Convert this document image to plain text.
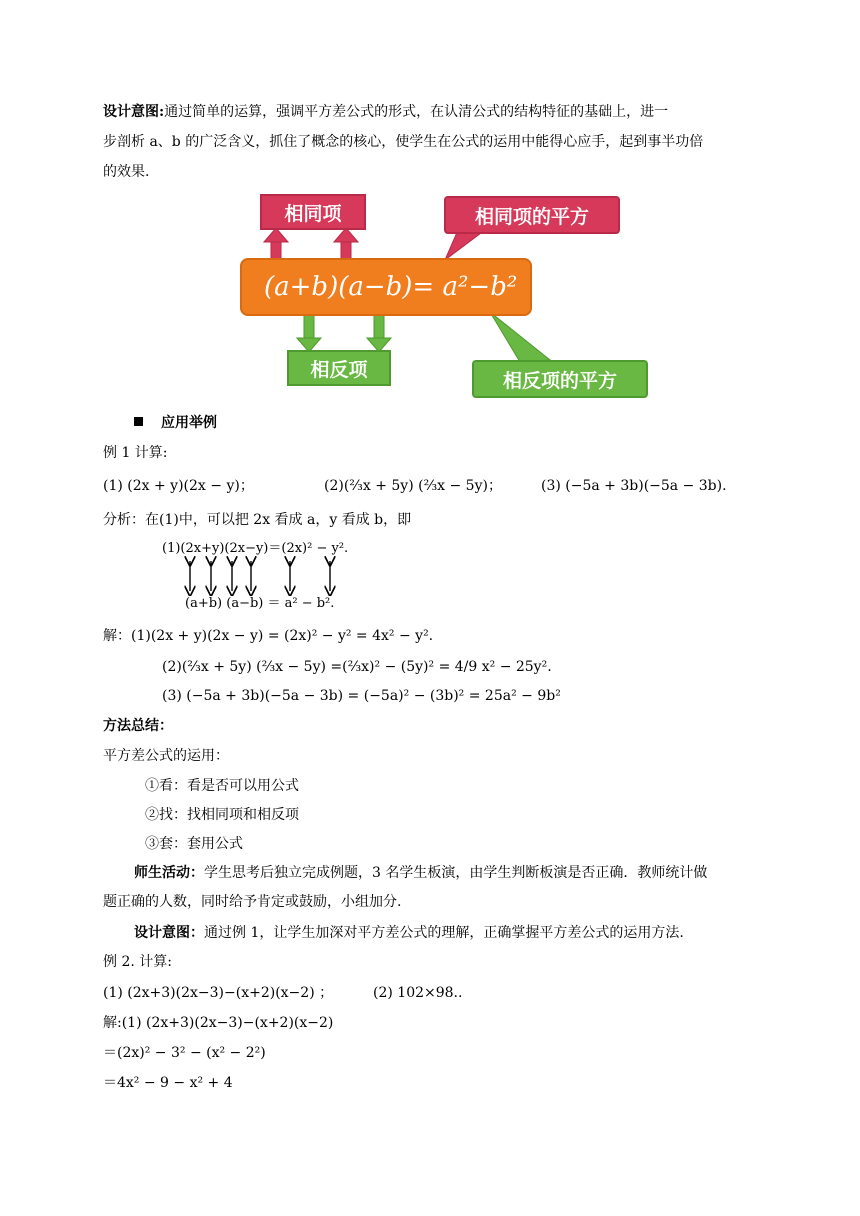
设计意图:通过简单的运算，强调平方差公式的形式，在认清公式的结构特征的基础上，进一
步剖析 a、b 的广泛含义，抓住了概念的核心，使学生在公式的运用中能得心应手，起到事半功倍
的效果.
相同项	相同项的平方
(a+b)(a−b)= a²−b²
相反项	相反项的平方
应用举例
例 1 计算:
(1) (2x + y)(2x − y)；	(2)(⅔x + 5y) (⅔x − 5y)；	(3) (−5a + 3b)(−5a − 3b).
分析：在(1)中，可以把 2x 看成 a，y 看成 b，即
(1)(2x+y)(2x−y)＝(2x)² − y².
(a+b) (a−b) ＝ a² − b².
解：(1)(2x + y)(2x − y) = (2x)² − y² = 4x² − y².
(2)(⅔x + 5y) (⅔x − 5y) =(⅔x)² − (5y)² = 4/9 x² − 25y².
(3) (−5a + 3b)(−5a − 3b) = (−5a)² − (3b)² = 25a² − 9b²
方法总结：
平方差公式的运用：
①看：看是否可以用公式
②找：找相同项和相反项
③套：套用公式
师生活动：学生思考后独立完成例题，3 名学生板演，由学生判断板演是否正确．教师统计做
题正确的人数，同时给予肯定或鼓励，小组加分.
设计意图：通过例 1，让学生加深对平方差公式的理解，正确掌握平方差公式的运用方法.
例 2. 计算:
(1) (2x+3)(2x−3)−(x+2)(x−2) ；	(2) 102×98..
解:(1) (2x+3)(2x−3)−(x+2)(x−2)
＝(2x)² − 3² − (x² − 2²)
＝4x² − 9 − x² + 4
